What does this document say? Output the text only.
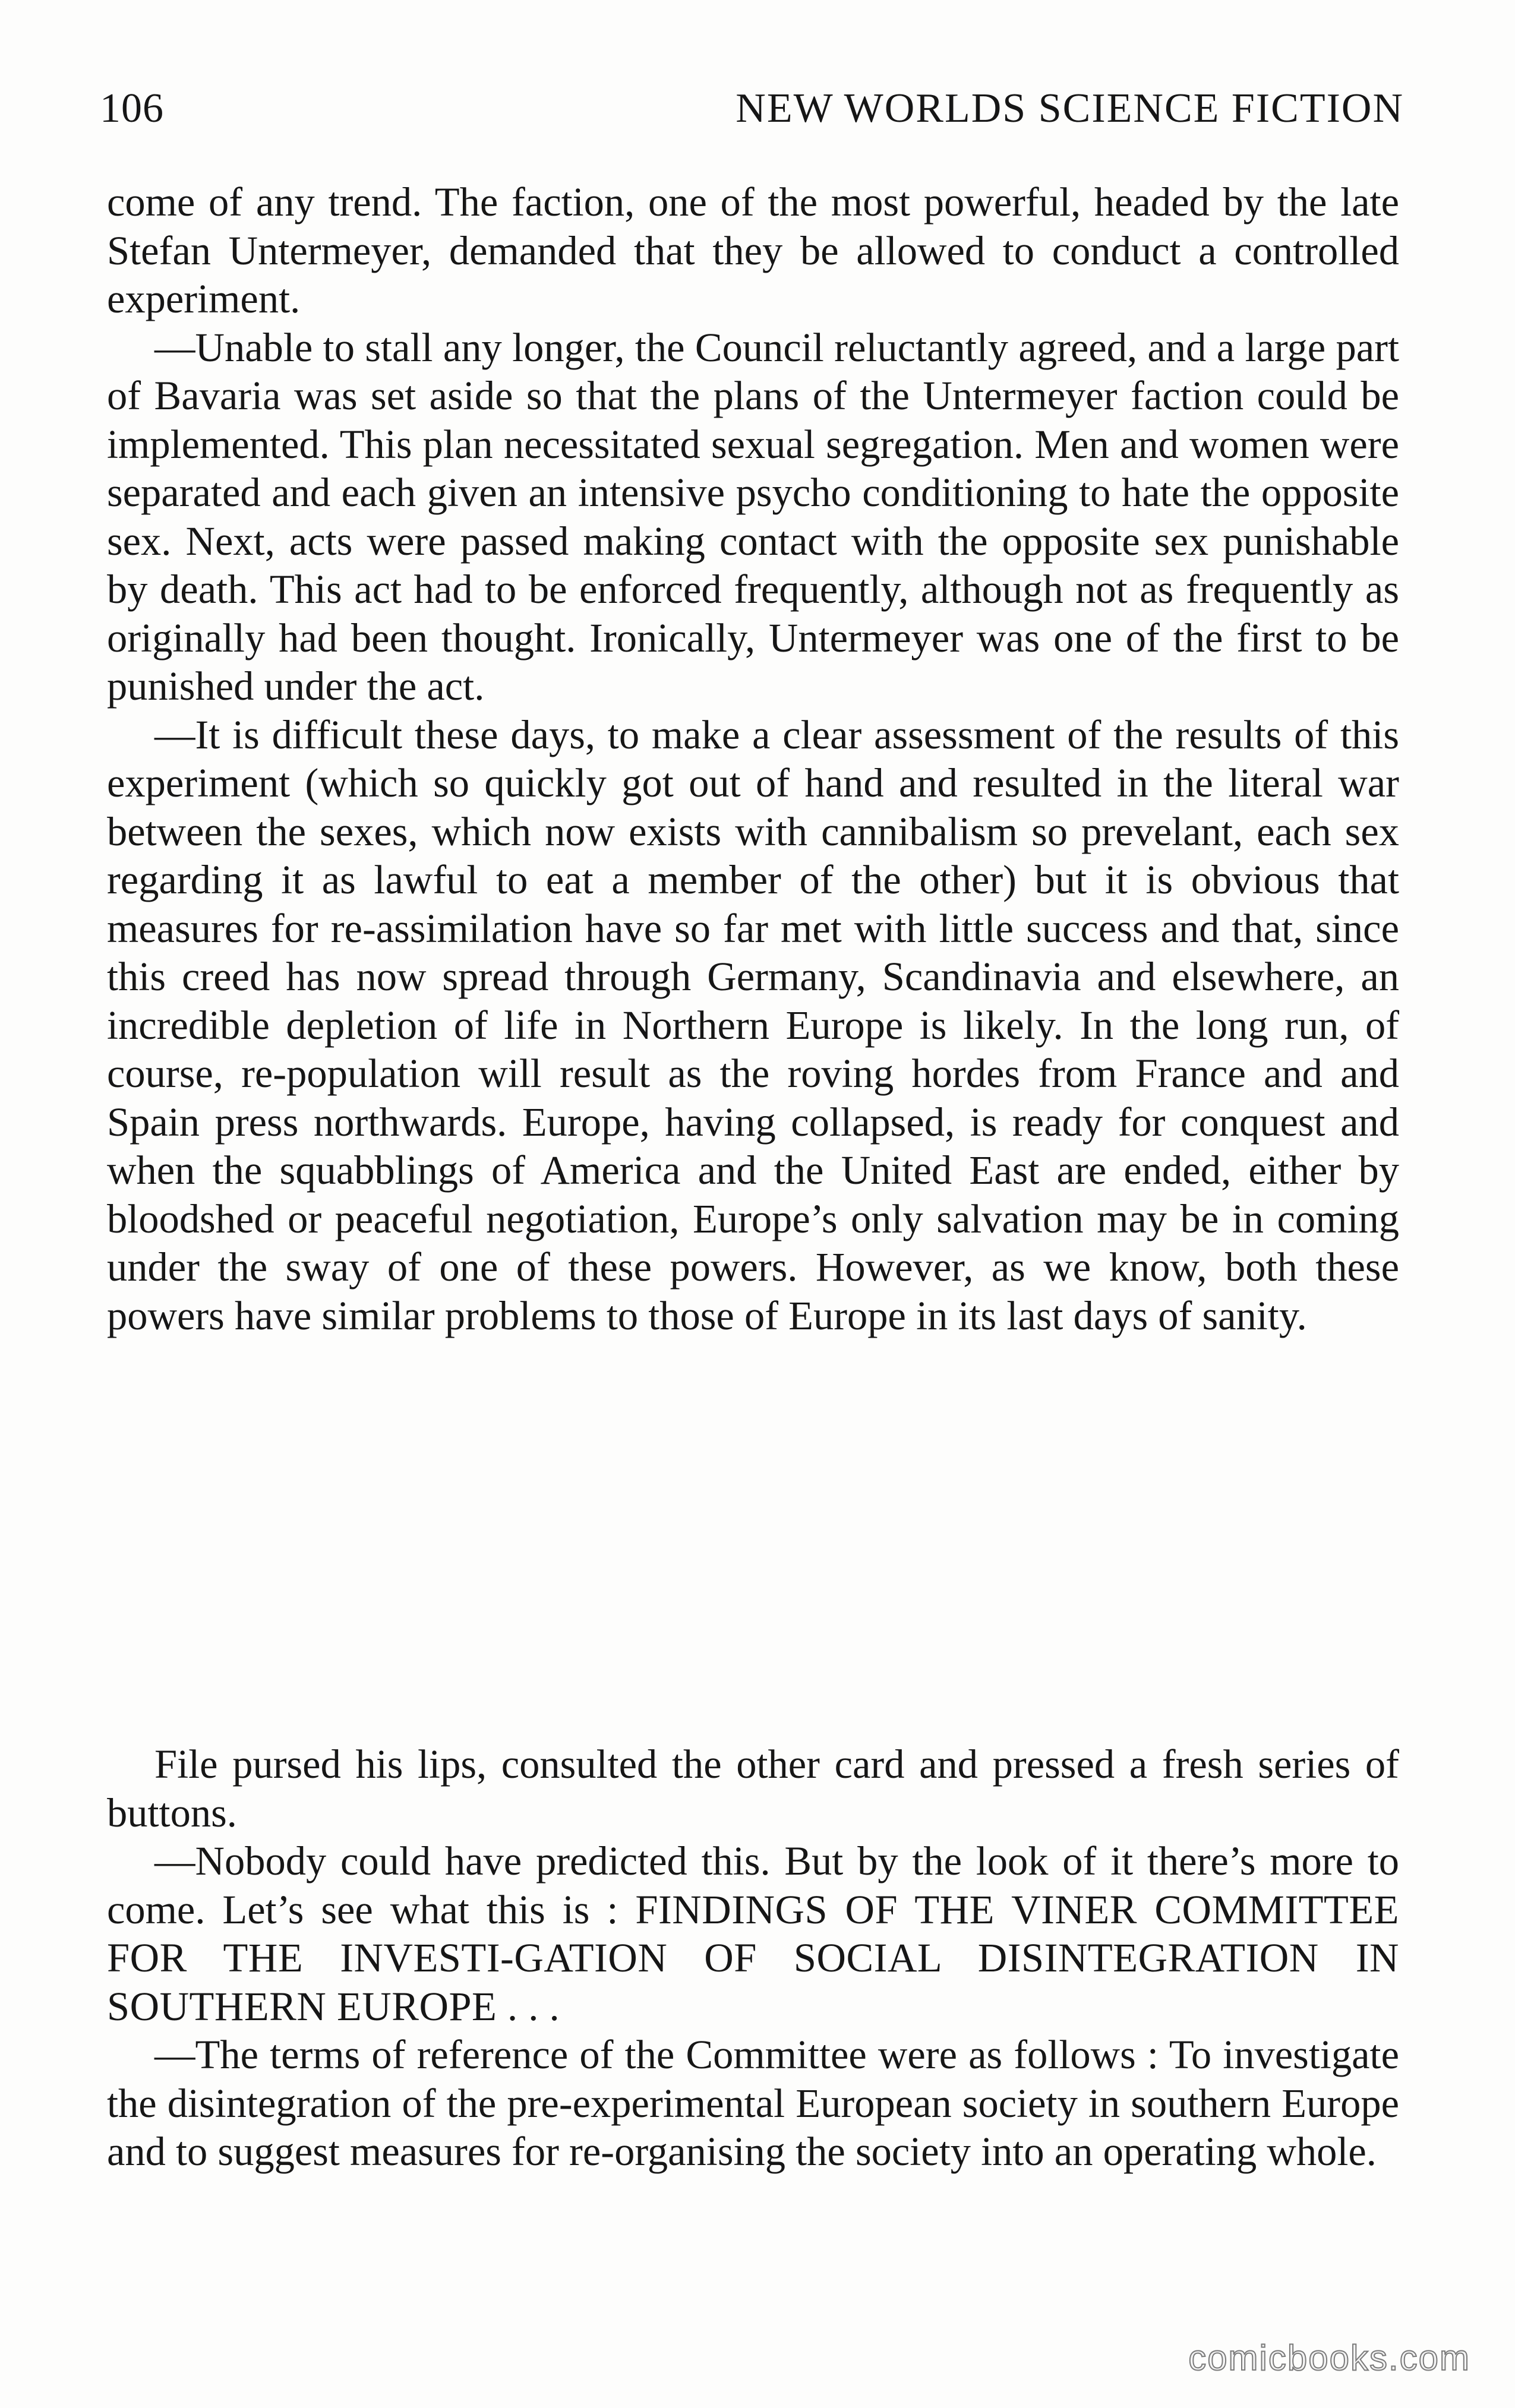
106	NEW WORLDS SCIENCE FICTION

come of any trend. The faction, one of the most powerful, headed by the late Stefan Untermeyer, demanded that they be allowed to conduct a controlled experiment.

—Unable to stall any longer, the Council reluctantly agreed, and a large part of Bavaria was set aside so that the plans of the Untermeyer faction could be implemented. This plan necessitated sexual segregation. Men and women were separated and each given an intensive psycho conditioning to hate the opposite sex. Next, acts were passed making contact with the opposite sex punishable by death. This act had to be enforced frequently, although not as frequently as originally had been thought. Ironically, Untermeyer was one of the first to be punished under the act.

—It is difficult these days, to make a clear assessment of the results of this experiment (which so quickly got out of hand and resulted in the literal war between the sexes, which now exists with cannibalism so prevelant, each sex regarding it as lawful to eat a member of the other) but it is obvious that measures for re-assimilation have so far met with little success and that, since this creed has now spread through Germany, Scandinavia and elsewhere, an incredible depletion of life in Northern Europe is likely. In the long run, of course, re-population will result as the roving hordes from France and and Spain press northwards. Europe, having collapsed, is ready for conquest and when the squabblings of America and the United East are ended, either by bloodshed or peaceful negotiation, Europe’s only salvation may be in coming under the sway of one of these powers. However, as we know, both these powers have similar problems to those of Europe in its last days of sanity.

File pursed his lips, consulted the other card and pressed a fresh series of buttons.

—Nobody could have predicted this. But by the look of it there’s more to come. Let’s see what this is : FINDINGS OF THE VINER COMMITTEE FOR THE INVESTI-GATION OF SOCIAL DISINTEGRATION IN SOUTHERN EUROPE . . .

—The terms of reference of the Committee were as follows : To investigate the disintegration of the pre-experimental European society in southern Europe and to suggest measures for re-organising the society into an operating whole.

comicbooks.com
